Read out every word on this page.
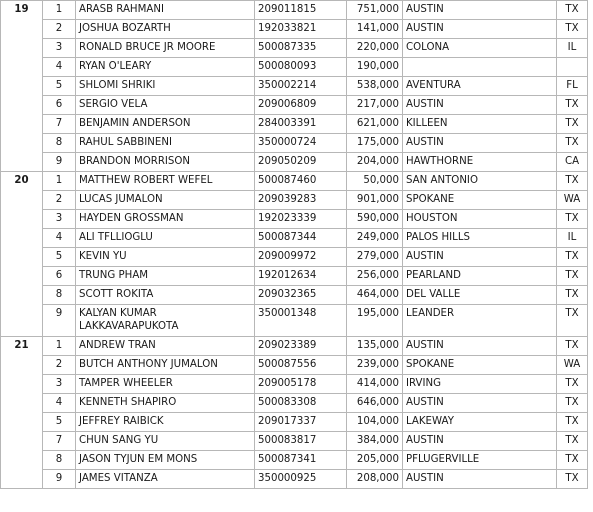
19	1	ARASB RAHMANI	209011815	751,000	AUSTIN	TX
	2	JOSHUA BOZARTH	192033821	141,000	AUSTIN	TX
	3	RONALD BRUCE JR MOORE	500087335	220,000	COLONA	IL
	4	RYAN O'LEARY	500080093	190,000		
	5	SHLOMI SHRIKI	350002214	538,000	AVENTURA	FL
	6	SERGIO VELA	209006809	217,000	AUSTIN	TX
	7	BENJAMIN ANDERSON	284003391	621,000	KILLEEN	TX
	8	RAHUL SABBINENI	350000724	175,000	AUSTIN	TX
	9	BRANDON MORRISON	209050209	204,000	HAWTHORNE	CA
20	1	MATTHEW ROBERT WEFEL	500087460	50,000	SAN ANTONIO	TX
	2	LUCAS JUMALON	209039283	901,000	SPOKANE	WA
	3	HAYDEN GROSSMAN	192023339	590,000	HOUSTON	TX
	4	ALI TFLLIOGLU	500087344	249,000	PALOS HILLS	IL
	5	KEVIN YU	209009972	279,000	AUSTIN	TX
	6	TRUNG PHAM	192012634	256,000	PEARLAND	TX
	8	SCOTT ROKITA	209032365	464,000	DEL VALLE	TX
	9	KALYAN KUMAR LAKKAVARAPUKOTA	350001348	195,000	LEANDER	TX
21	1	ANDREW TRAN	209023389	135,000	AUSTIN	TX
	2	BUTCH ANTHONY JUMALON	500087556	239,000	SPOKANE	WA
	3	TAMPER WHEELER	209005178	414,000	IRVING	TX
	4	KENNETH SHAPIRO	500083308	646,000	AUSTIN	TX
	5	JEFFREY RAIBICK	209017337	104,000	LAKEWAY	TX
	7	CHUN SANG YU	500083817	384,000	AUSTIN	TX
	8	JASON TYJUN EM MONS	500087341	205,000	PFLUGERVILLE	TX
	9	JAMES VITANZA	350000925	208,000	AUSTIN	TX
